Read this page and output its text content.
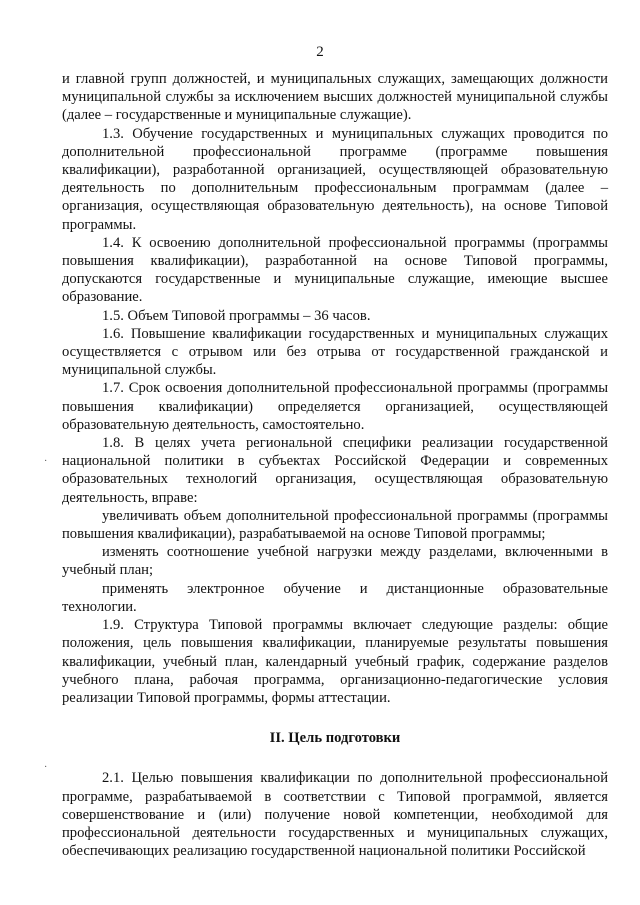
2

и главной групп должностей, и муниципальных служащих, замещающих должности муниципальной службы за исключением высших должностей муниципальной службы (далее – государственные и муниципальные служащие).

1.3. Обучение государственных и муниципальных служащих проводится по дополнительной профессиональной программе (программе повышения квалификации), разработанной организацией, осуществляющей образовательную деятельность по дополнительным профессиональным программам (далее – организация, осуществляющая образовательную деятельность), на основе Типовой программы.

1.4. К освоению дополнительной профессиональной программы (программы повышения квалификации), разработанной на основе Типовой программы, допускаются государственные и муниципальные служащие, имеющие высшее образование.

1.5. Объем Типовой программы – 36 часов.

1.6. Повышение квалификации государственных и муниципальных служащих осуществляется с отрывом или без отрыва от государственной гражданской и муниципальной службы.

1.7. Срок освоения дополнительной профессиональной программы (программы повышения квалификации) определяется организацией, осуществляющей образовательную деятельность, самостоятельно.

1.8. В целях учета региональной специфики реализации государственной национальной политики в субъектах Российской Федерации и современных образовательных технологий организация, осуществляющая образовательную деятельность, вправе:

увеличивать объем дополнительной профессиональной программы (программы повышения квалификации), разрабатываемой на основе Типовой программы;

изменять соотношение учебной нагрузки между разделами, включенными в учебный план;

применять электронное обучение и дистанционные образовательные технологии.

1.9. Структура Типовой программы включает следующие разделы: общие положения, цель повышения квалификации, планируемые результаты повышения квалификации, учебный план, календарный учебный график, содержание разделов учебного плана, рабочая программа, организационно-педагогические условия реализации Типовой программы, формы аттестации.

II. Цель подготовки

2.1. Целью повышения квалификации по дополнительной профессиональной программе, разрабатываемой в соответствии с Типовой программой, является совершенствование и (или) получение новой компетенции, необходимой для профессиональной деятельности государственных и муниципальных служащих, обеспечивающих реализацию государственной национальной политики Российской

·
·
